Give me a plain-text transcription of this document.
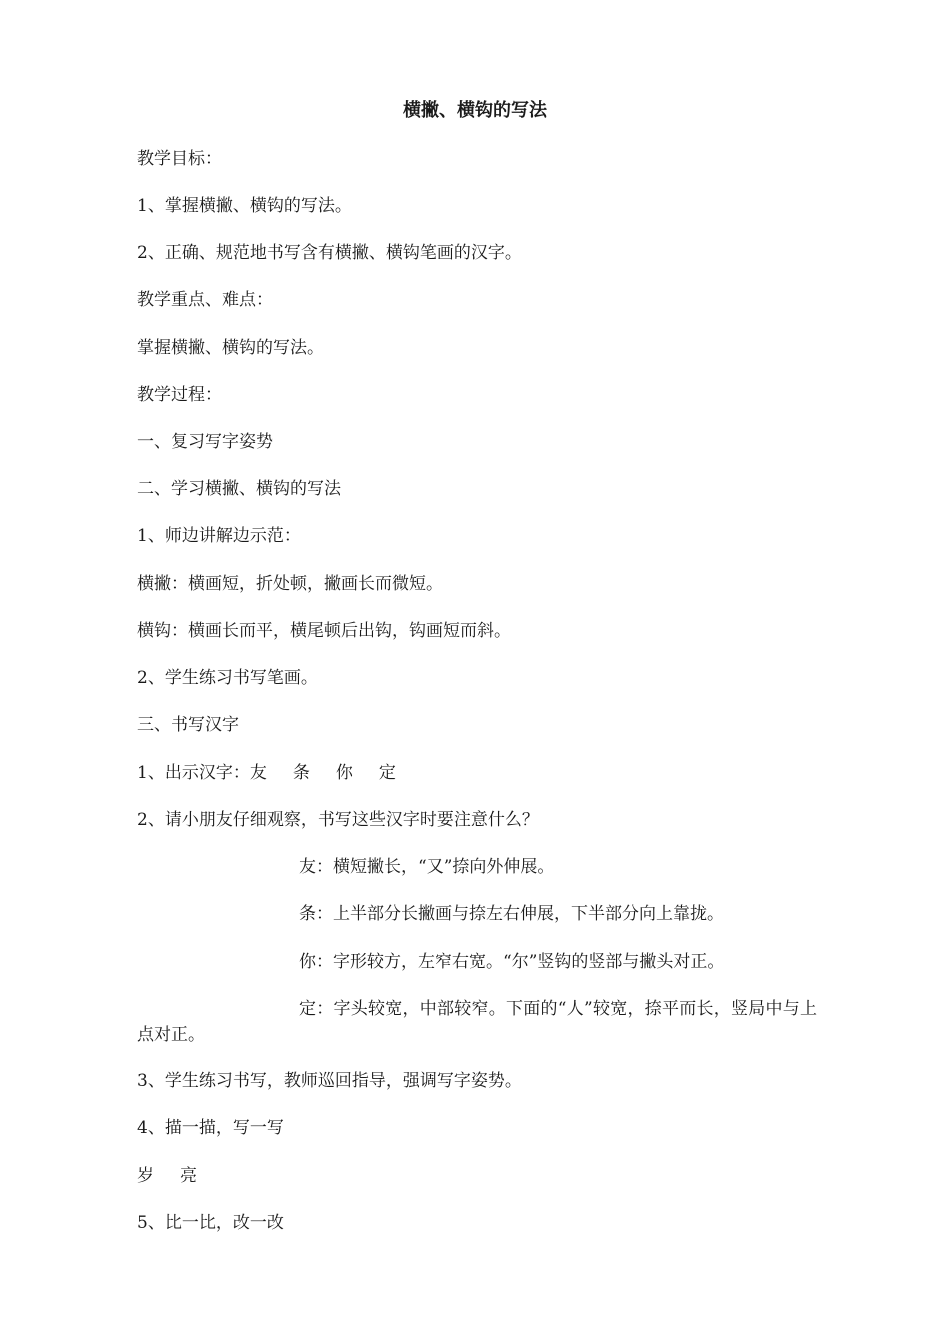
横撇、横钩的写法

教学目标：

1、掌握横撇、横钩的写法。

2、正确、规范地书写含有横撇、横钩笔画的汉字。

教学重点、难点：

掌握横撇、横钩的写法。

教学过程：

一、复习写字姿势

二、学习横撇、横钩的写法

1、师边讲解边示范：

横撇：横画短，折处顿，撇画长而微短。

横钩：横画长而平，横尾顿后出钩，钩画短而斜。

2、学生练习书写笔画。

三、书写汉字

1、出示汉字：友 条 你 定

2、请小朋友仔细观察，书写这些汉字时要注意什么？

友：横短撇长，“又”捺向外伸展。

条：上半部分长撇画与捺左右伸展，下半部分向上靠拢。

你：字形较方，左窄右宽。“尔”竖钩的竖部与撇头对正。

定：字头较宽，中部较窄。下面的“人”较宽，捺平而长，竖局中与上点对正。

3、学生练习书写，教师巡回指导，强调写字姿势。

4、描一描，写一写

岁 亮

5、比一比，改一改
